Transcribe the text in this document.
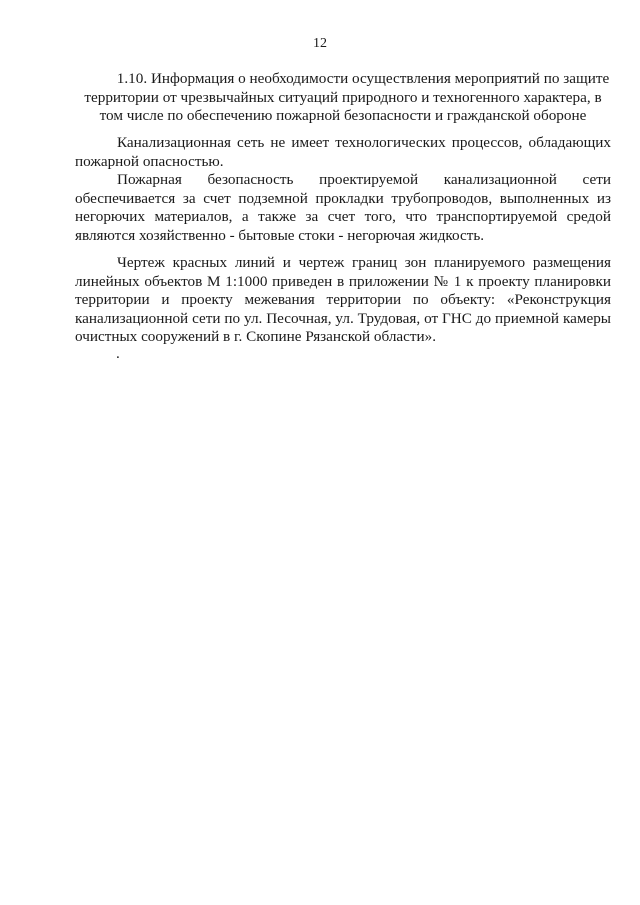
12

1.10. Информация о необходимости осуществления мероприятий по защите

территории от чрезвычайных ситуаций природного и техногенного характера, в

том числе по обеспечению пожарной безопасности и гражданской обороне

Канализационная сеть не имеет технологических процессов, обладающих пожарной опасностью.

Пожарная безопасность проектируемой канализационной сети обеспечивается за счет подземной прокладки трубопроводов, выполненных из негорючих материалов, а также за счет того, что транспортируемой средой являются хозяйственно - бытовые стоки - негорючая жидкость.

Чертеж красных линий и чертеж границ зон планируемого размещения линейных объектов М 1:1000 приведен в приложении № 1 к проекту планировки территории и проекту межевания территории по объекту: «Реконструкция канализационной сети по ул. Песочная, ул. Трудовая, от ГНС до приемной камеры очистных сооружений в г. Скопине Рязанской области».

.
